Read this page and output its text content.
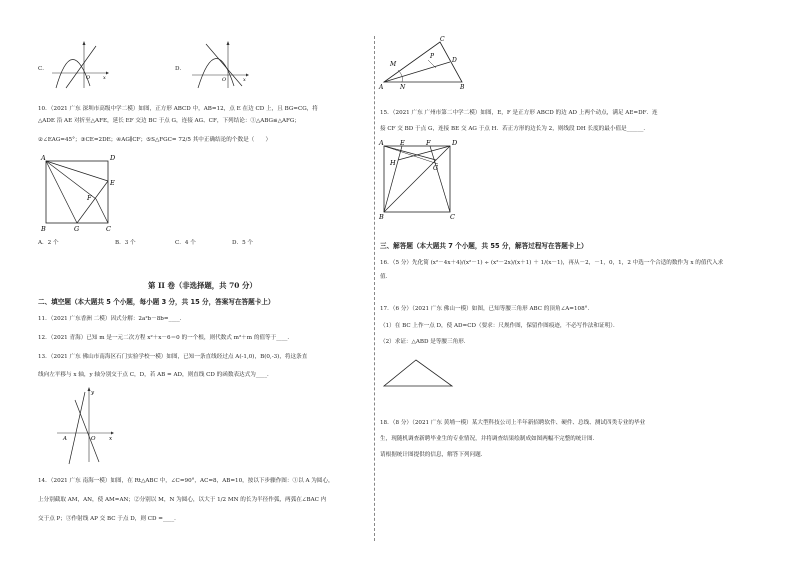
C．
x
O
D．
x
O
10．（2021 广东 深圳市高级中学二模）如图，正方形 ABCD 中，AB=12，点 E 在边 CD 上，且 BG=CG，将
△ADE 沿 AE 对折至△AFE，延长 EF 交边 BC 于点 G，连接 AG、CF，下列结论：①△ABG≌△AFG；
②∠EAG=45°；③CE=2DE；④AG∥CF；⑤S△FGC= 72/5 其中正确结论的个数是（　　）
A	D
E
F
B	G	C
A．2 个	B．3 个	C．4 个	D．5 个
第 II 卷（非选择题，共 70 分）
二、填空题（本大题共 5 个小题，每小题 3 分，共 15 分，答案写在答题卡上）
11．（2021 广东香洲 二模）因式分解：2a²b－8b=____．
12．（2021 青海）已知 m 是一元二次方程 x²＋x－6＝0 的一个根，则代数式 m²＋m 的值等于____．
13．（2021 广东 佛山市南海区石门实验学校一模）如图，已知一条直线经过点 A(-1,0)，B(0,-3)，将这条直
线向左平移与 x 轴，y 轴分别交于点 C，D，若 AB = AD，则直线 CD 的函数表达式为____．
y
x
O
A
14．（2021 广东 南海一模）如图，在 Rt△ABC 中，∠C=90°，AC=8，AB=10，按以下步骤作图：①以 A 为圆心，
上分别截取 AM，AN，使 AM=AN；②分别以 M，N 为圆心，以大于 1/2 MN 的长为半径作弧，两弧在∠BAC 内
交于点 P；③作射线 AP 交 BC 于点 D，则 CD =____．
C
M
P
D
A	N	B
15．（2021 广东 广州市第二中学二模）如图，E，F 是正方形 ABCD 的边 AD 上两个动点，满足 AE=DF．连
接 CF 交 BD 于点 G，连接 BE 交 AG 于点 H．若正方形的边长为 2，则线段 DH 长度的最小值是______．
A	E	F	D
H
G
B	C
三、解答题（本大题共 7 个小题，共 55 分，解答过程写在答题卡上）
16．（5 分）先化简 (x²－4x＋4)/(x²－1) ÷ (x²－2x)/(x＋1) ＋ 1/(x－1)，再从－2，－1，0，1，2 中选一个合适的数作为 x 的值代入求
值．
17．（6 分）（2021 广东 佛山一模）如图，已知等腰三角形 ABC 的顶角∠A=108°．
（1）在 BC 上作一点 D，使 AD=CD（要求：尺规作图，保留作图痕迹，不必写作法和证明）．
（2）求证：△ABD 是等腰三角形．
18．（8 分）（2021 广东 黄埔一模）某大型科技公司上半年新招聘软件、硬件、总线、测试四类专业的毕业
生，现随机调查新聘毕业生的专业情况，并将调查结果绘制成如图两幅不完整的统计图．
请根据统计图提供的信息，解答下列问题．
